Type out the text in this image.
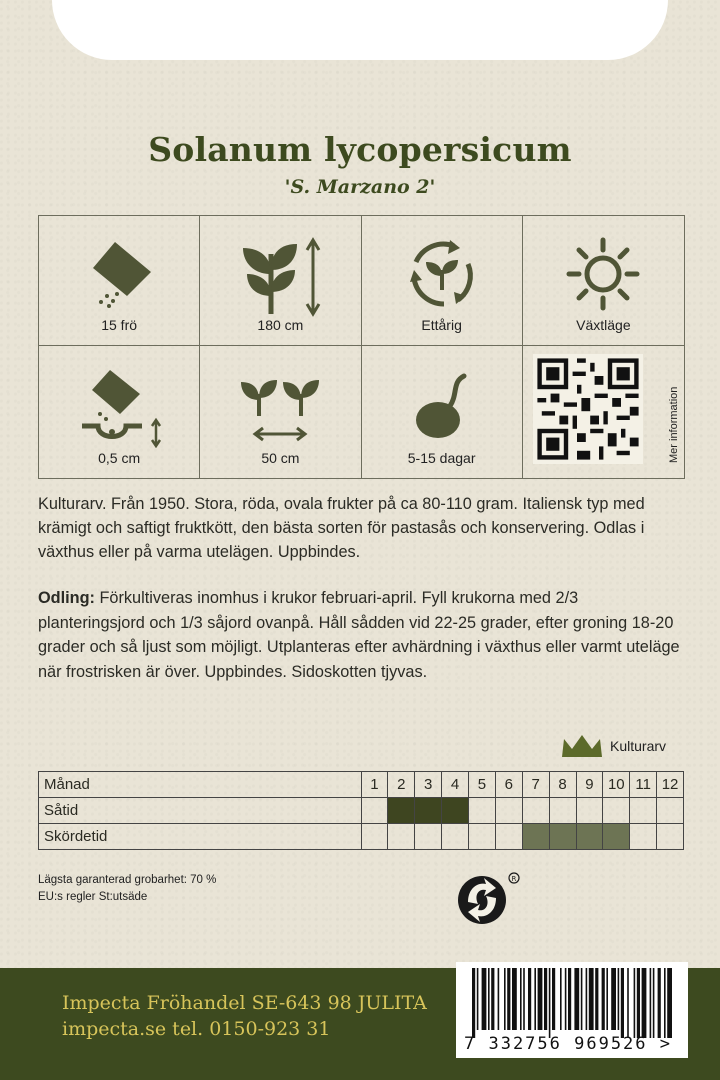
Solanum lycopersicum
'S. Marzano 2'
15 frö	180 cm	Ettårig	Växtläge
0,5 cm	50 cm	5-15 dagar	Mer information
Kulturarv. Från 1950. Stora, röda, ovala frukter på ca 80-110 gram. Italiensk typ med krämigt och saftigt fruktkött, den bästa sorten för pastasås och konservering. Odlas i växthus eller på varma utelägen. Uppbindes.
Odling: Förkultiveras inomhus i krukor februari-april. Fyll krukorna med 2/3 planteringsjord och 1/3 såjord ovanpå. Håll sådden vid 22-25 grader, efter groning 18-20 grader och så ljust som möjligt. Utplanteras efter avhärdning i växthus eller varmt uteläge när frostrisken är över. Uppbindes. Sidoskotten tjyvas.
Kulturarv
Månad	1	2	3	4	5	6	7	8	9	10	11	12
Såtid												
Skördetid												
Lägsta garanterad grobarhet: 70 %
EU:s regler St:utsäde
R
Impecta Fröhandel SE-643 98 JULITA
impecta.se tel. 0150-923 31
7 332756 969526 >
